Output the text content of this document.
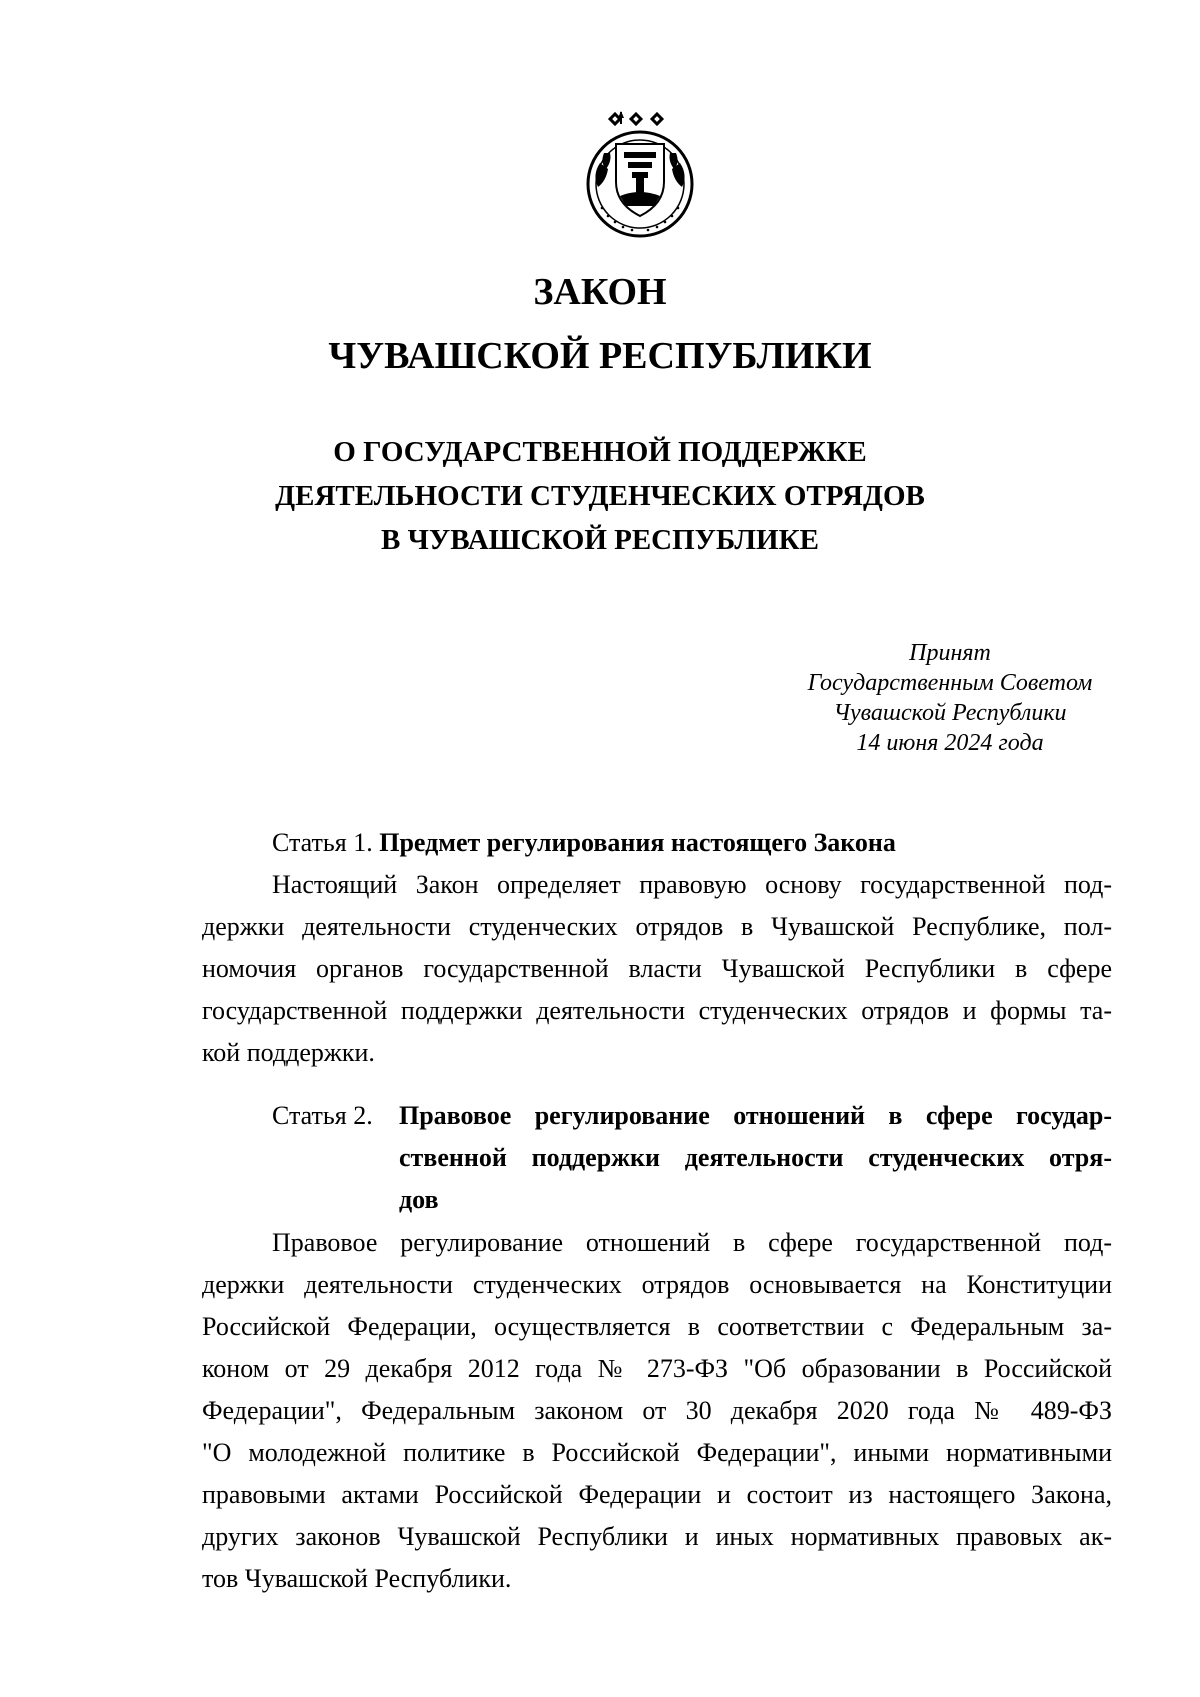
ЗАКОН
ЧУВАШСКОЙ РЕСПУБЛИКИ
О ГОСУДАРСТВЕННОЙ ПОДДЕРЖКЕ
ДЕЯТЕЛЬНОСТИ СТУДЕНЧЕСКИХ ОТРЯДОВ
В ЧУВАШСКОЙ РЕСПУБЛИКЕ
Принят
Государственным Советом
Чувашской Республики
14 июня 2024 года
Статья 1. Предмет регулирования настоящего Закона
Настоящий Закон определяет правовую основу государственной под-
держки деятельности студенческих отрядов в Чувашской Республике, пол-
номочия органов государственной власти Чувашской Республики в сфере
государственной поддержки деятельности студенческих отрядов и формы та-
кой поддержки.
Статья 2. Правовое регулирование отношений в сфере государ-
ственной поддержки деятельности студенческих отря-
дов
Правовое регулирование отношений в сфере государственной под-
держки деятельности студенческих отрядов основывается на Конституции
Российской Федерации, осуществляется в соответствии с Федеральным за-
коном от 29 декабря 2012 года № 273-ФЗ "Об образовании в Российской
Федерации", Федеральным законом от 30 декабря 2020 года № 489-ФЗ
"О молодежной политике в Российской Федерации", иными нормативными
правовыми актами Российской Федерации и состоит из настоящего Закона,
других законов Чувашской Республики и иных нормативных правовых ак-
тов Чувашской Республики.
